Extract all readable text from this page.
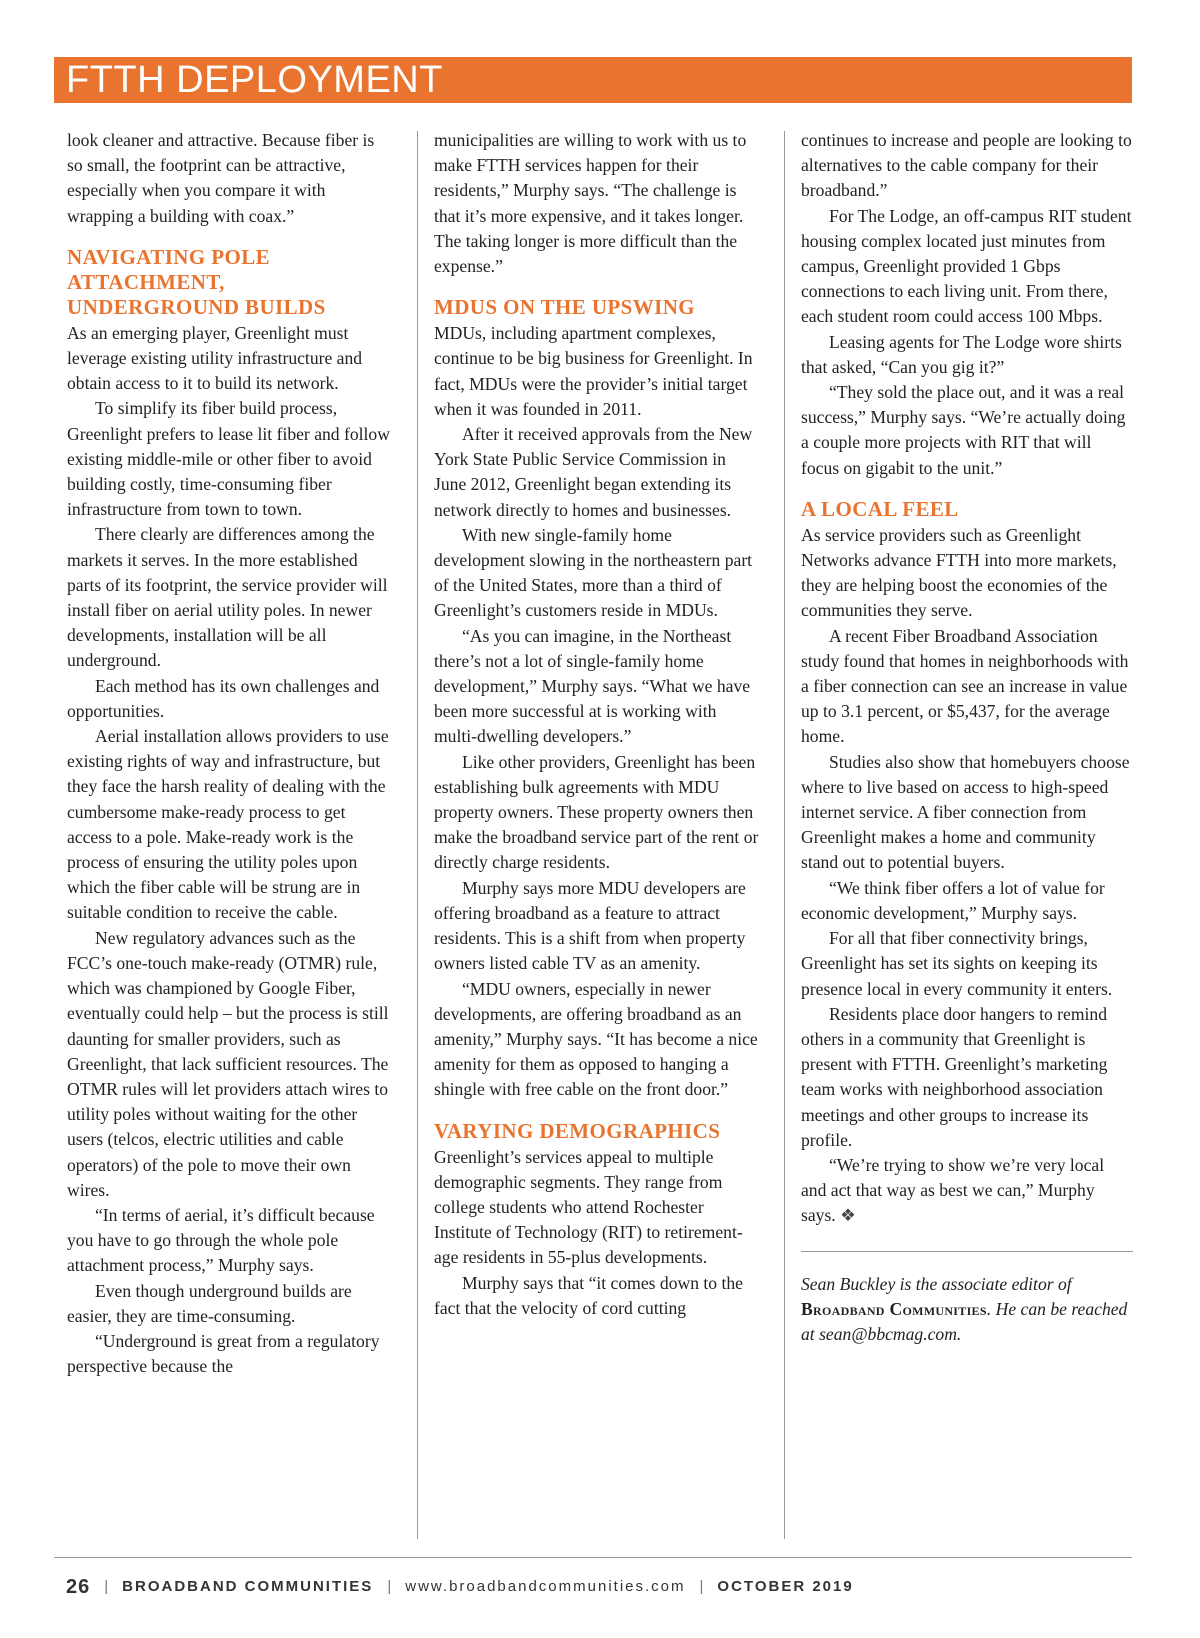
FTTH DEPLOYMENT

look cleaner and attractive. Because fiber is so small, the footprint can be attractive, especially when you compare it with wrapping a building with coax.”

NAVIGATING POLE ATTACHMENT, UNDERGROUND BUILDS

As an emerging player, Greenlight must leverage existing utility infrastructure and obtain access to it to build its network.

To simplify its fiber build process, Greenlight prefers to lease lit fiber and follow existing middle-mile or other fiber to avoid building costly, time-consuming fiber infrastructure from town to town.

There clearly are differences among the markets it serves. In the more established parts of its footprint, the service provider will install fiber on aerial utility poles. In newer developments, installation will be all underground.

Each method has its own challenges and opportunities.

Aerial installation allows providers to use existing rights of way and infrastructure, but they face the harsh reality of dealing with the cumbersome make-ready process to get access to a pole. Make-ready work is the process of ensuring the utility poles upon which the fiber cable will be strung are in suitable condition to receive the cable.

New regulatory advances such as the FCC’s one-touch make-ready (OTMR) rule, which was championed by Google Fiber, eventually could help – but the process is still daunting for smaller providers, such as Greenlight, that lack sufficient resources. The OTMR rules will let providers attach wires to utility poles without waiting for the other users (telcos, electric utilities and cable operators) of the pole to move their own wires.

“In terms of aerial, it’s difficult because you have to go through the whole pole attachment process,” Murphy says.

Even though underground builds are easier, they are time-consuming.

“Underground is great from a regulatory perspective because the

municipalities are willing to work with us to make FTTH services happen for their residents,” Murphy says. “The challenge is that it’s more expensive, and it takes longer. The taking longer is more difficult than the expense.”

MDUS ON THE UPSWING

MDUs, including apartment complexes, continue to be big business for Greenlight. In fact, MDUs were the provider’s initial target when it was founded in 2011.

After it received approvals from the New York State Public Service Commission in June 2012, Greenlight began extending its network directly to homes and businesses.

With new single-family home development slowing in the northeastern part of the United States, more than a third of Greenlight’s customers reside in MDUs.

“As you can imagine, in the Northeast there’s not a lot of single-family home development,” Murphy says. “What we have been more successful at is working with multi-dwelling developers.”

Like other providers, Greenlight has been establishing bulk agreements with MDU property owners. These property owners then make the broadband service part of the rent or directly charge residents.

Murphy says more MDU developers are offering broadband as a feature to attract residents. This is a shift from when property owners listed cable TV as an amenity.

“MDU owners, especially in newer developments, are offering broadband as an amenity,” Murphy says. “It has become a nice amenity for them as opposed to hanging a shingle with free cable on the front door.”

VARYING DEMOGRAPHICS

Greenlight’s services appeal to multiple demographic segments. They range from college students who attend Rochester Institute of Technology (RIT) to retirement-age residents in 55-plus developments.

Murphy says that “it comes down to the fact that the velocity of cord cutting

continues to increase and people are looking to alternatives to the cable company for their broadband.”

For The Lodge, an off-campus RIT student housing complex located just minutes from campus, Greenlight provided 1 Gbps connections to each living unit. From there, each student room could access 100 Mbps.

Leasing agents for The Lodge wore shirts that asked, “Can you gig it?”

“They sold the place out, and it was a real success,” Murphy says. “We’re actually doing a couple more projects with RIT that will focus on gigabit to the unit.”

A LOCAL FEEL

As service providers such as Greenlight Networks advance FTTH into more markets, they are helping boost the economies of the communities they serve.

A recent Fiber Broadband Association study found that homes in neighborhoods with a fiber connection can see an increase in value up to 3.1 percent, or $5,437, for the average home.

Studies also show that homebuyers choose where to live based on access to high-speed internet service. A fiber connection from Greenlight makes a home and community stand out to potential buyers.

“We think fiber offers a lot of value for economic development,” Murphy says.

For all that fiber connectivity brings, Greenlight has set its sights on keeping its presence local in every community it enters.

Residents place door hangers to remind others in a community that Greenlight is present with FTTH. Greenlight’s marketing team works with neighborhood association meetings and other groups to increase its profile.

“We’re trying to show we’re very local and act that way as best we can,” Murphy says. ❖

Sean Buckley is the associate editor of Broadband Communities. He can be reached at sean@bbcmag.com.

26 | BROADBAND COMMUNITIES | www.broadbandcommunities.com | OCTOBER 2019
